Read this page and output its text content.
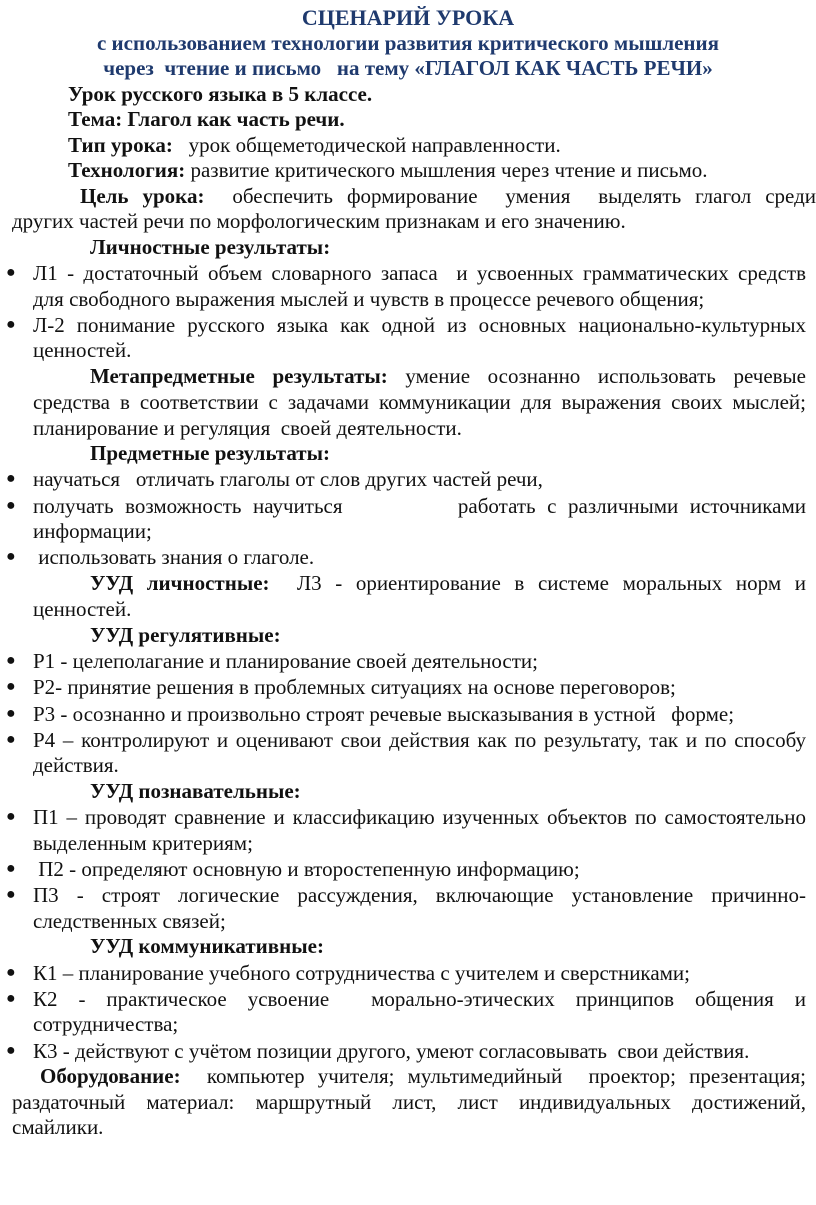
СЦЕНАРИЙ УРОКА
с использованием технологии развития критического мышления
через  чтение и письмо   на тему «ГЛАГОЛ КАК ЧАСТЬ РЕЧИ»
Урок русского языка в 5 классе.
Тема: Глагол как часть речи.
Тип урока:   урок общеметодической направленности.
Технология: развитие критического мышления через чтение и письмо.
Цель урока:  обеспечить формирование  умения  выделять глагол среди
других частей речи по морфологическим признакам и его значению.
Личностные результаты:
● Л1 - достаточный объем словарного запаса  и усвоенных грамматических средств
для свободного выражения мыслей и чувств в процессе речевого общения;
● Л-2 понимание русского языка как одной из основных национально-культурных
ценностей.
Метапредметные результаты: умение осознанно использовать речевые
средства в соответствии с задачами коммуникации для выражения своих мыслей;
планирование и регуляция  своей деятельности.
Предметные результаты:
● научаться   отличать глаголы от слов других частей речи,
● получать возможность научиться          работать с различными источниками
информации;
● использовать знания о глаголе.
УУД личностные:  Л3 - ориентирование в системе моральных норм и
ценностей.
УУД регулятивные:
● Р1 - целеполагание и планирование своей деятельности;
● Р2- принятие решения в проблемных ситуациях на основе переговоров;
● Р3 - осознанно и произвольно строят речевые высказывания в устной   форме;
● Р4 – контролируют и оценивают свои действия как по результату, так и по способу
действия.
УУД познавательные:
● П1 – проводят сравнение и классификацию изученных объектов по самостоятельно
выделенным критериям;
● П2 - определяют основную и второстепенную информацию;
● П3 - строят логические рассуждения, включающие установление причинно-
следственных связей;
УУД коммуникативные:
● К1 – планирование учебного сотрудничества с учителем и сверстниками;
● К2 - практическое усвоение  морально-этических принципов общения и
сотрудничества;
● К3 - действуют с учётом позиции другого, умеют согласовывать  свои действия.
Оборудование:  компьютер учителя; мультимедийный  проектор; презентация;
раздаточный материал: маршрутный лист, лист индивидуальных достижений,
смайлики.
